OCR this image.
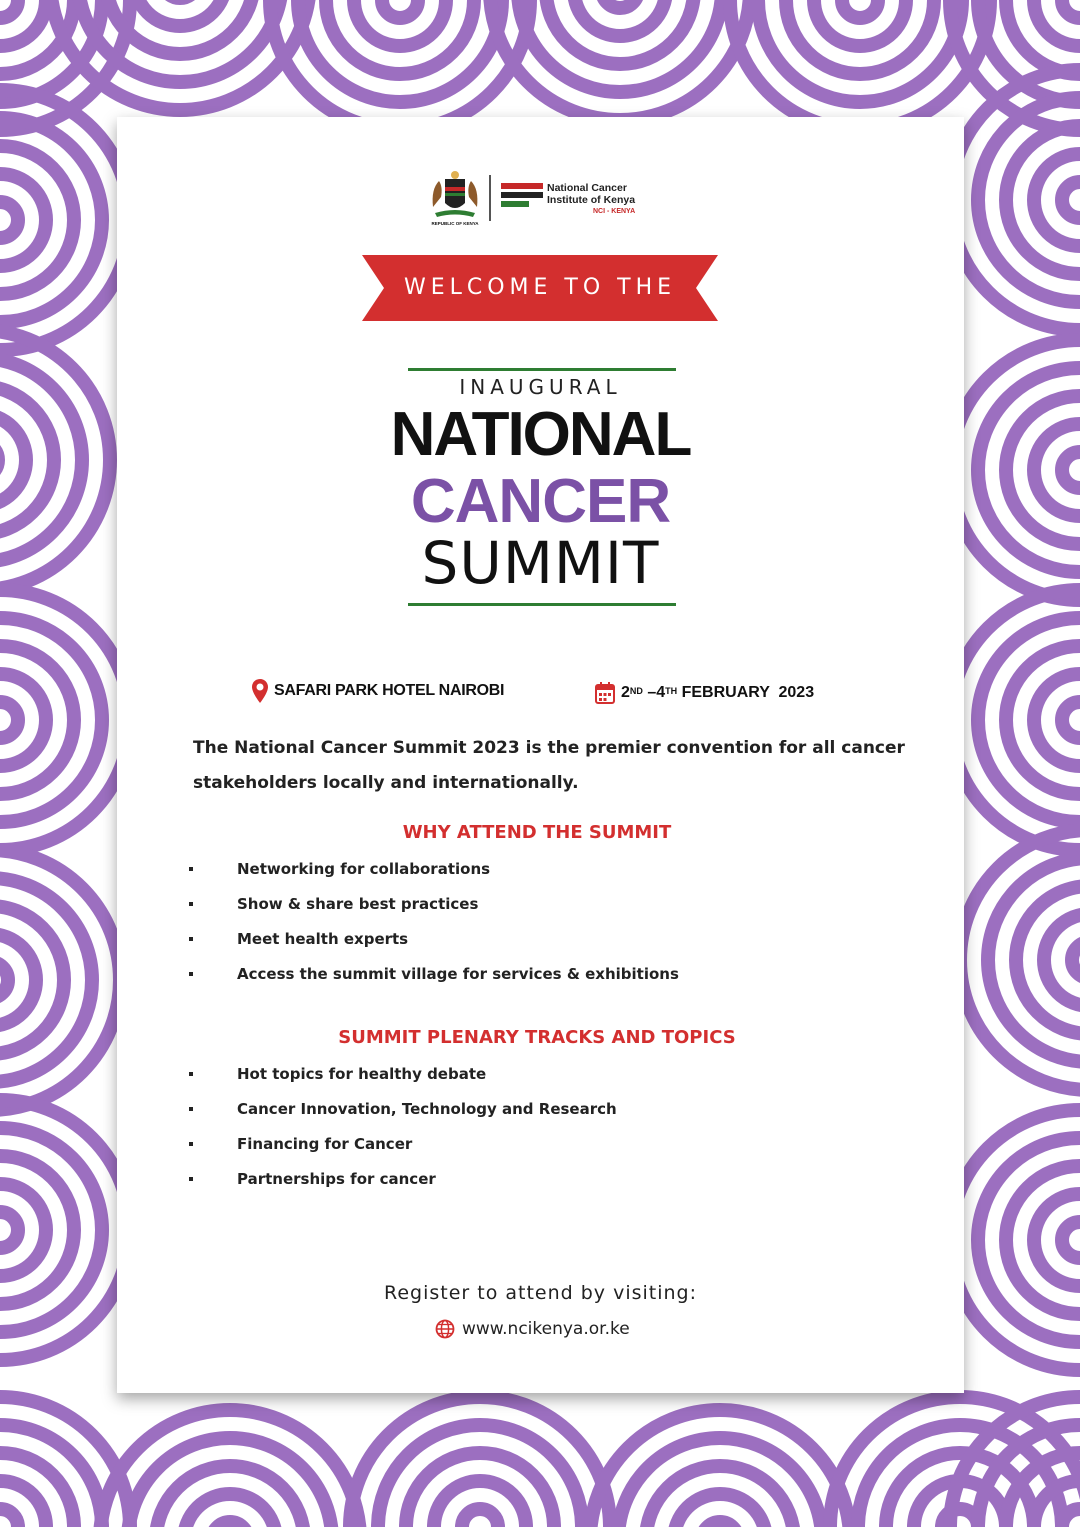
REPUBLIC OF KENYA
National Cancer
Institute of Kenya
NCI - KENYA
WELCOME TO THE
INAUGURAL
NATIONAL
CANCER
SUMMIT
SAFARI PARK HOTEL NAIROBI	2ND – 4TH FEBRUARY  2023
The National Cancer Summit 2023 is the premier convention for all cancer stakeholders locally and internationally.
WHY ATTEND THE SUMMIT
Networking for collaborations
Show & share best practices
Meet health experts
Access the summit village for services & exhibitions
SUMMIT PLENARY TRACKS AND TOPICS
Hot topics for healthy debate
Cancer Innovation, Technology and Research
Financing for Cancer
Partnerships for cancer
Register to attend by visiting:
www.ncikenya.or.ke
